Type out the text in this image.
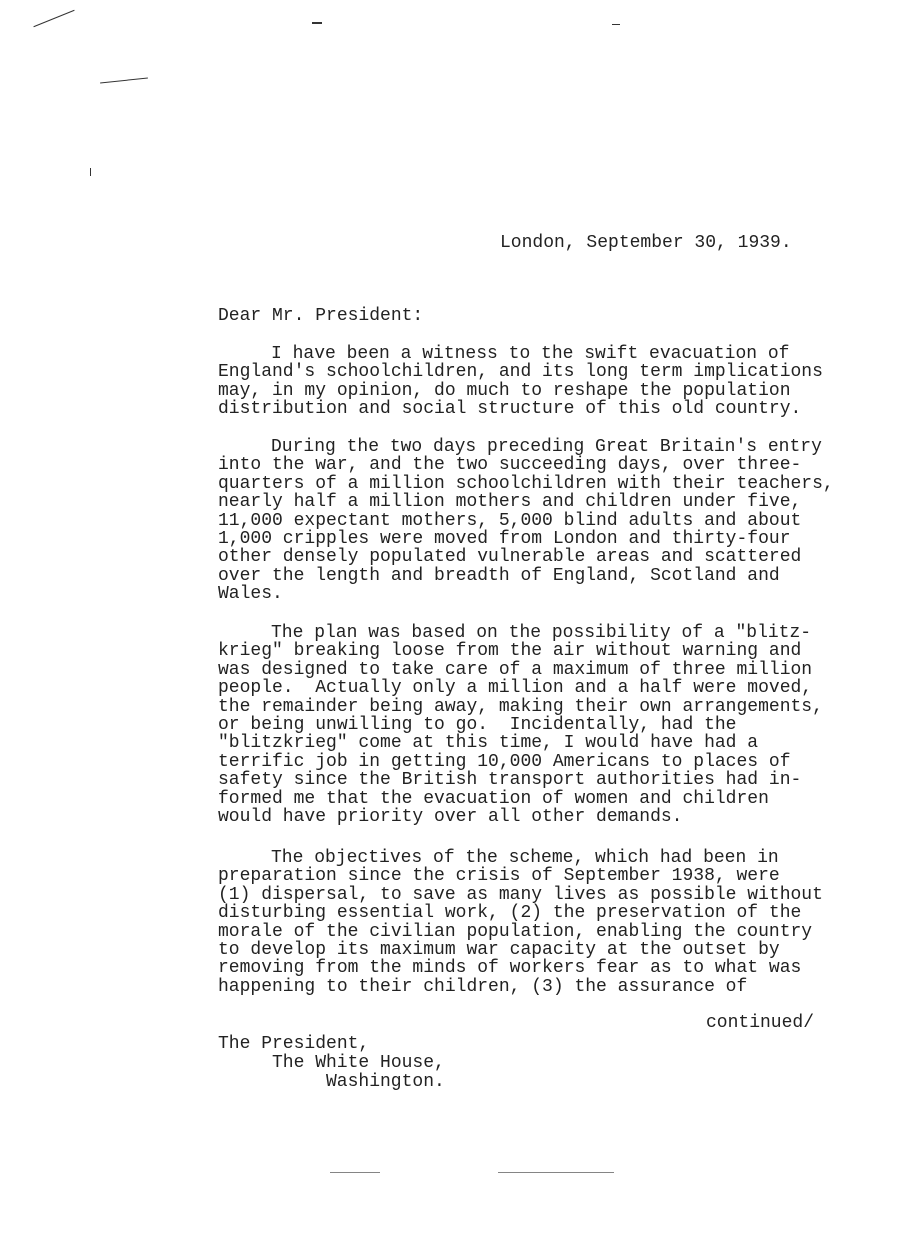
London, September 30, 1939.
Dear Mr. President:
I have been a witness to the swift evacuation of
England's schoolchildren, and its long term implications
may, in my opinion, do much to reshape the population
distribution and social structure of this old country.
During the two days preceding Great Britain's entry
into the war, and the two succeeding days, over three-
quarters of a million schoolchildren with their teachers,
nearly half a million mothers and children under five,
11,000 expectant mothers, 5,000 blind adults and about
1,000 cripples were moved from London and thirty-four
other densely populated vulnerable areas and scattered
over the length and breadth of England, Scotland and
Wales.
The plan was based on the possibility of a "blitz-
krieg" breaking loose from the air without warning and
was designed to take care of a maximum of three million
people.  Actually only a million and a half were moved,
the remainder being away, making their own arrangements,
or being unwilling to go.  Incidentally, had the
"blitzkrieg" come at this time, I would have had a
terrific job in getting 10,000 Americans to places of
safety since the British transport authorities had in-
formed me that the evacuation of women and children
would have priority over all other demands.
The objectives of the scheme, which had been in
preparation since the crisis of September 1938, were
(1) dispersal, to save as many lives as possible without
disturbing essential work, (2) the preservation of the
morale of the civilian population, enabling the country
to develop its maximum war capacity at the outset by
removing from the minds of workers fear as to what was
happening to their children, (3) the assurance of
continued/
The President,
The White House,
Washington.
